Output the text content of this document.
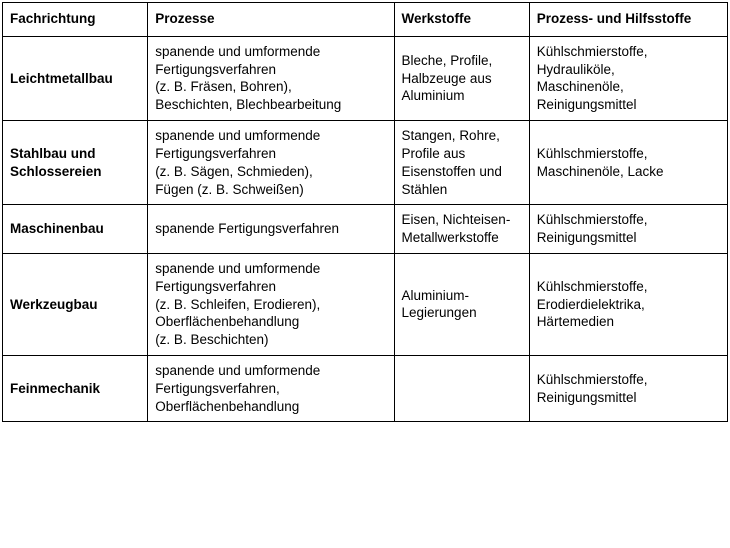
Fachrichtung	Prozesse	Werkstoffe	Prozess- und Hilfsstoffe

Leichtmetallbau	spanende und umformende Fertigungsverfahren
(z. B. Fräsen, Bohren),
Beschichten, Blechbearbeitung	Bleche, Profile,
Halbzeuge aus
Aluminium	Kühlschmierstoffe,
Hydrauliköle,
Maschinenöle,
Reinigungsmittel

Stahlbau und Schlossereien	spanende und umformende Fertigungsverfahren
(z. B. Sägen, Schmieden),
Fügen (z. B. Schweißen)	Stangen, Rohre,
Profile aus
Eisenstoffen und
Stählen	Kühlschmierstoffe,
Maschinenöle, Lacke

Maschinenbau	spanende Fertigungsverfahren	Eisen, Nichteisen-
Metallwerkstoffe	Kühlschmierstoffe,
Reinigungsmittel

Werkzeugbau	spanende und umformende Fertigungsverfahren
(z. B. Schleifen, Erodieren),
Oberflächenbehandlung
(z. B. Beschichten)	Aluminium-
Legierungen	Kühlschmierstoffe,
Erodierdielektrika,
Härtemedien

Feinmechanik	spanende und umformende Fertigungsverfahren,
Oberflächenbehandlung		Kühlschmierstoffe,
Reinigungsmittel
